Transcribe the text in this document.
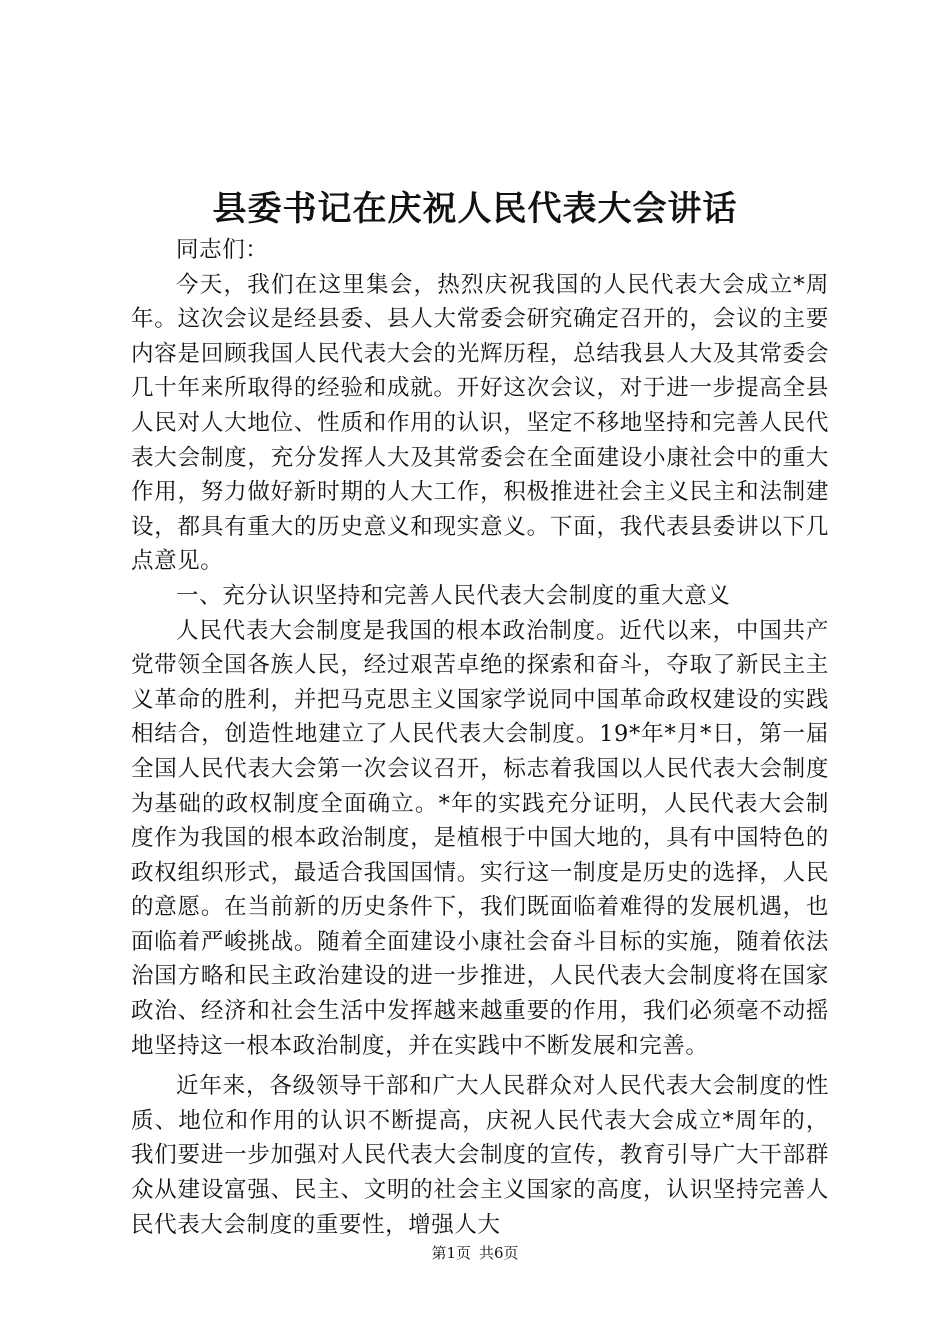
县委书记在庆祝人民代表大会讲话

同志们：

今天，我们在这里集会，热烈庆祝我国的人民代表大会成立*周年。这次会议是经县委、县人大常委会研究确定召开的，会议的主要内容是回顾我国人民代表大会的光辉历程，总结我县人大及其常委会几十年来所取得的经验和成就。开好这次会议，对于进一步提高全县人民对人大地位、性质和作用的认识，坚定不移地坚持和完善人民代表大会制度，充分发挥人大及其常委会在全面建设小康社会中的重大作用，努力做好新时期的人大工作，积极推进社会主义民主和法制建设，都具有重大的历史意义和现实意义。下面，我代表县委讲以下几点意见。

一、充分认识坚持和完善人民代表大会制度的重大意义

人民代表大会制度是我国的根本政治制度。近代以来，中国共产党带领全国各族人民，经过艰苦卓绝的探索和奋斗，夺取了新民主主义革命的胜利，并把马克思主义国家学说同中国革命政权建设的实践相结合，创造性地建立了人民代表大会制度。19*年*月*日，第一届全国人民代表大会第一次会议召开，标志着我国以人民代表大会制度为基础的政权制度全面确立。*年的实践充分证明，人民代表大会制度作为我国的根本政治制度，是植根于中国大地的，具有中国特色的政权组织形式，最适合我国国情。实行这一制度是历史的选择，人民的意愿。在当前新的历史条件下，我们既面临着难得的发展机遇，也面临着严峻挑战。随着全面建设小康社会奋斗目标的实施，随着依法治国方略和民主政治建设的进一步推进，人民代表大会制度将在国家政治、经济和社会生活中发挥越来越重要的作用，我们必须毫不动摇地坚持这一根本政治制度，并在实践中不断发展和完善。

近年来，各级领导干部和广大人民群众对人民代表大会制度的性质、地位和作用的认识不断提高，庆祝人民代表大会成立*周年的，我们要进一步加强对人民代表大会制度的宣传，教育引导广大干部群众从建设富强、民主、文明的社会主义国家的高度，认识坚持完善人民代表大会制度的重要性，增强人大

第1页 共6页
